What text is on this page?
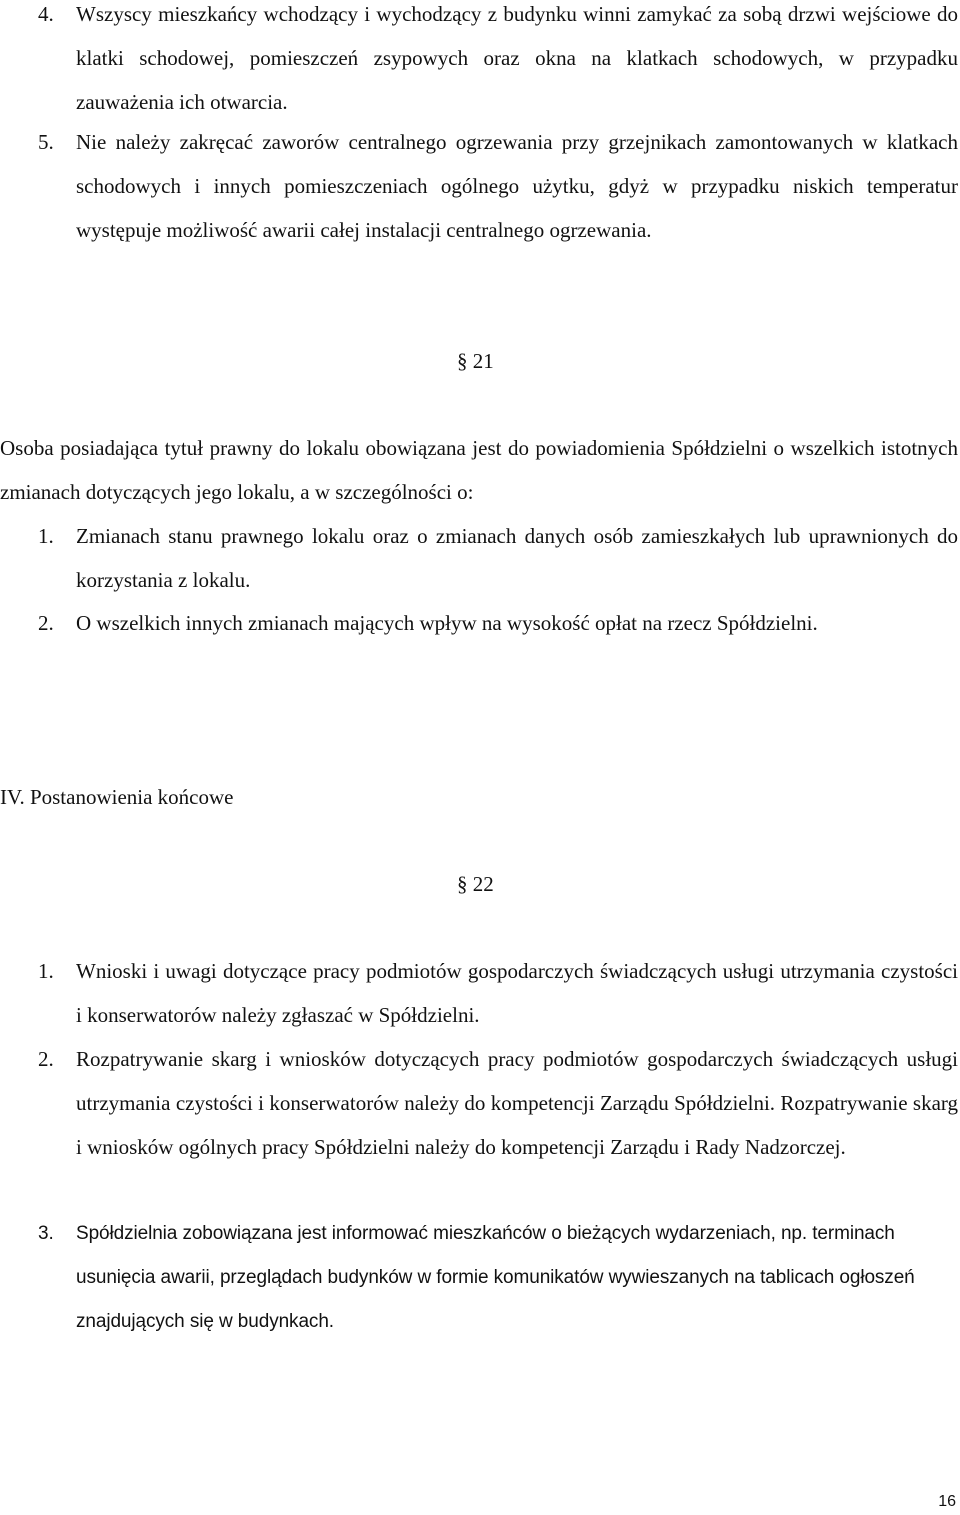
4. Wszyscy mieszkańcy wchodzący i wychodzący z budynku winni zamykać za sobą drzwi wejściowe do klatki schodowej, pomieszczeń zsypowych oraz okna na klatkach schodowych, w przypadku zauważenia ich otwarcia.
5. Nie należy zakręcać zaworów centralnego ogrzewania przy grzejnikach zamontowanych w klatkach schodowych i innych pomieszczeniach ogólnego użytku, gdyż w przypadku niskich temperatur występuje możliwość awarii całej instalacji centralnego ogrzewania.
§ 21
Osoba posiadająca tytuł prawny do lokalu obowiązana jest do powiadomienia Spółdzielni o wszelkich istotnych zmianach dotyczących jego lokalu, a w szczególności o:
1. Zmianach stanu prawnego lokalu oraz o zmianach danych osób zamieszkałych lub uprawnionych do korzystania z lokalu.
2. O wszelkich innych zmianach mających wpływ na wysokość opłat na rzecz Spółdzielni.
IV. Postanowienia końcowe
§ 22
1. Wnioski i uwagi dotyczące pracy podmiotów gospodarczych świadczących usługi utrzymania czystości i konserwatorów należy zgłaszać w Spółdzielni.
2. Rozpatrywanie skarg i wniosków dotyczących pracy podmiotów gospodarczych świadczących usługi utrzymania czystości i konserwatorów należy do kompetencji Zarządu Spółdzielni. Rozpatrywanie skarg i wniosków ogólnych pracy Spółdzielni należy do kompetencji Zarządu i Rady Nadzorczej.
3. Spółdzielnia zobowiązana jest informować mieszkańców o bieżących wydarzeniach, np. terminach usunięcia awarii, przeglądach budynków w formie komunikatów wywieszanych na tablicach ogłoszeń znajdujących się w budynkach.
16
